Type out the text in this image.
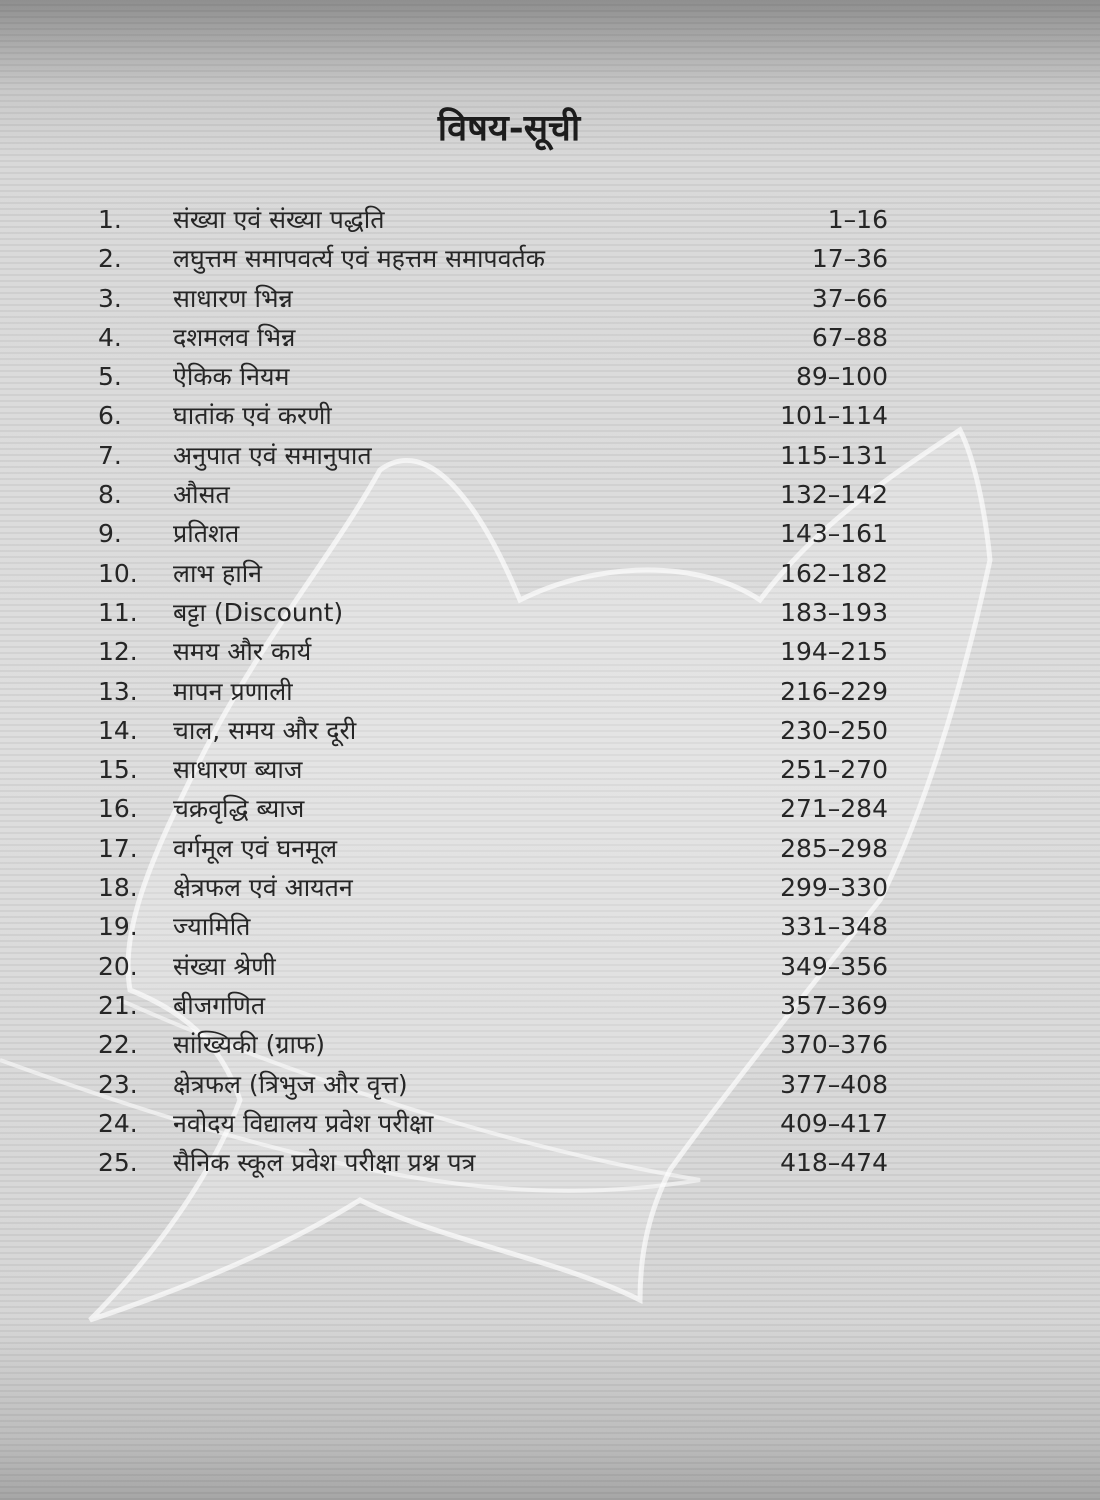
विषय-सूची
1. संख्या एवं संख्या पद्धति	1–16
2. लघुत्तम समापवर्त्य एवं महत्तम समापवर्तक	17–36
3. साधारण भिन्न	37–66
4. दशमलव भिन्न	67–88
5. ऐकिक नियम	89–100
6. घातांक एवं करणी	101–114
7. अनुपात एवं समानुपात	115–131
8. औसत	132–142
9. प्रतिशत	143–161
10. लाभ हानि	162–182
11. बट्टा (Discount)	183–193
12. समय और कार्य	194–215
13. मापन प्रणाली	216–229
14. चाल, समय और दूरी	230–250
15. साधारण ब्याज	251–270
16. चक्रवृद्धि ब्याज	271–284
17. वर्गमूल एवं घनमूल	285–298
18. क्षेत्रफल एवं आयतन	299–330
19. ज्यामिति	331–348
20. संख्या श्रेणी	349–356
21. बीजगणित	357–369
22. सांख्यिकी (ग्राफ)	370–376
23. क्षेत्रफल (त्रिभुज और वृत्त)	377–408
24. नवोदय विद्यालय प्रवेश परीक्षा	409–417
25. सैनिक स्कूल प्रवेश परीक्षा प्रश्न पत्र	418–474
